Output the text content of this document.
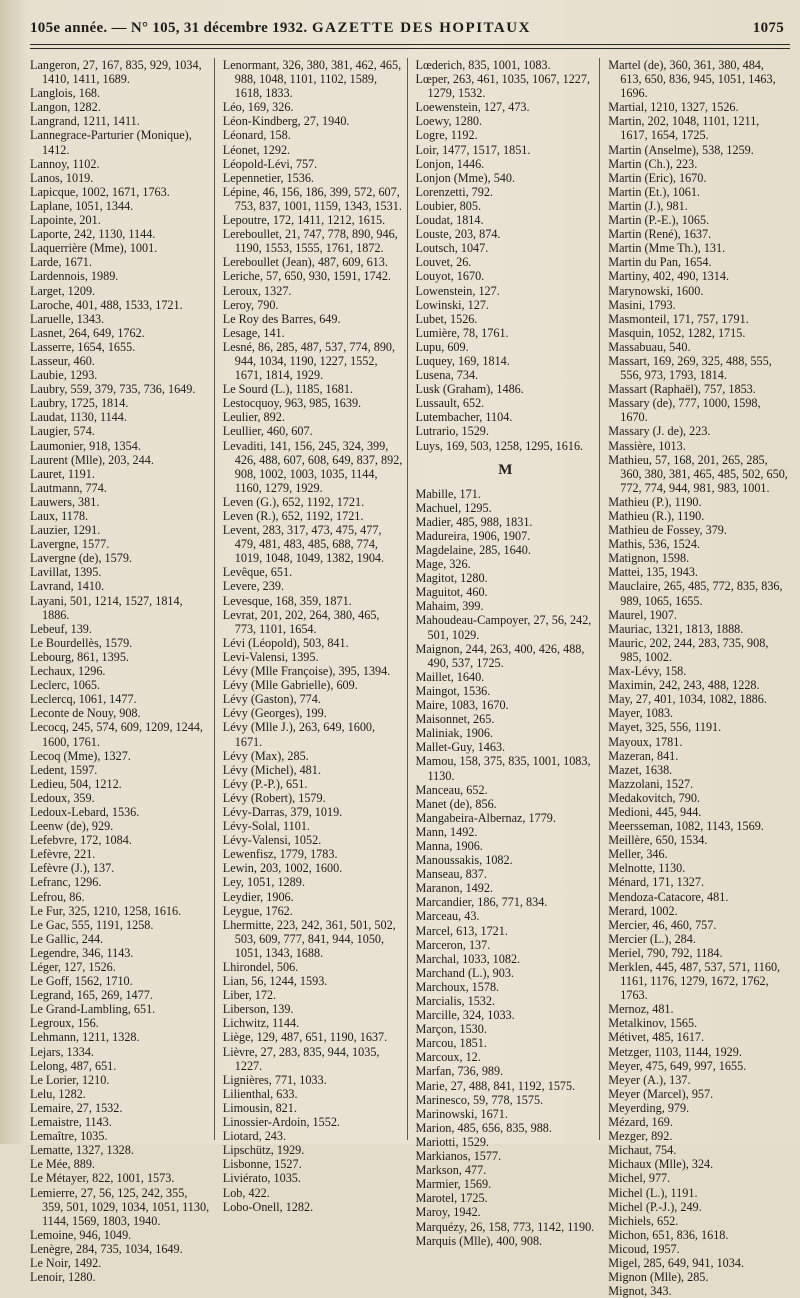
105e année. — N° 105, 31 décembre 1932. GAZETTE DES HOPITAUX	1075

Langeron, 27, 167, 835, 929, 1034, 1410, 1411, 1689.

Langlois, 168.

Langon, 1282.

Langrand, 1211, 1411.

Lannegrace-Parturier (Monique), 1412.

Lannoy, 1102.

Lanos, 1019.

Lapicque, 1002, 1671, 1763.

Laplane, 1051, 1344.

Lapointe, 201.

Laporte, 242, 1130, 1144.

Laquerrière (Mme), 1001.

Larde, 1671.

Lardennois, 1989.

Larget, 1209.

Laroche, 401, 488, 1533, 1721.

Laruelle, 1343.

Lasnet, 264, 649, 1762.

Lasserre, 1654, 1655.

Lasseur, 460.

Laubie, 1293.

Laubry, 559, 379, 735, 736, 1649.

Laubry, 1725, 1814.

Laudat, 1130, 1144.

Laugier, 574.

Laumonier, 918, 1354.

Laurent (Mlle), 203, 244.

Lauret, 1191.

Lautmann, 774.

Lauwers, 381.

Laux, 1178.

Lauzier, 1291.

Lavergne, 1577.

Lavergne (de), 1579.

Lavillat, 1395.

Lavrand, 1410.

Layani, 501, 1214, 1527, 1814, 1886.

Lebeuf, 139.

Le Bourdellès, 1579.

Lebourg, 861, 1395.

Lechaux, 1296.

Leclerc, 1065.

Leclercq, 1061, 1477.

Leconte de Nouy, 908.

Lecocq, 245, 574, 609, 1209, 1244, 1600, 1761.

Lecoq (Mme), 1327.

Ledent, 1597.

Ledieu, 504, 1212.

Ledoux, 359.

Ledoux-Lebard, 1536.

Leenw (de), 929.

Lefebvre, 172, 1084.

Lefèvre, 221.

Lefèvre (J.), 137.

Lefranc, 1296.

Lefrou, 86.

Le Fur, 325, 1210, 1258, 1616.

Le Gac, 555, 1191, 1258.

Le Gallic, 244.

Legendre, 346, 1143.

Léger, 127, 1526.

Le Goff, 1562, 1710.

Legrand, 165, 269, 1477.

Le Grand-Lambling, 651.

Legroux, 156.

Lehmann, 1211, 1328.

Lejars, 1334.

Lelong, 487, 651.

Le Lorier, 1210.

Lelu, 1282.

Lemaire, 27, 1532.

Lemaistre, 1143.

Lemaître, 1035.

Lematte, 1327, 1328.

Le Mée, 889.

Le Métayer, 822, 1001, 1573.

Lemierre, 27, 56, 125, 242, 355, 359, 501, 1029, 1034, 1051, 1130, 1144, 1569, 1803, 1940.

Lemoine, 946, 1049.

Lenègre, 284, 735, 1034, 1649.

Le Noir, 1492.

Lenoir, 1280.

Lenormant, 326, 380, 381, 462, 465, 988, 1048, 1101, 1102, 1589, 1618, 1833.

Léo, 169, 326.

Léon-Kindberg, 27, 1940.

Léonard, 158.

Léonet, 1292.

Léopold-Lévi, 757.

Lepennetier, 1536.

Lépine, 46, 156, 186, 399, 572, 607, 753, 837, 1001, 1159, 1343, 1531.

Lepoutre, 172, 1411, 1212, 1615.

Lereboullet, 21, 747, 778, 890, 946, 1190, 1553, 1555, 1761, 1872.

Lereboullet (Jean), 487, 609, 613.

Leriche, 57, 650, 930, 1591, 1742.

Leroux, 1327.

Leroy, 790.

Le Roy des Barres, 649.

Lesage, 141.

Lesné, 86, 285, 487, 537, 774, 890, 944, 1034, 1190, 1227, 1552, 1671, 1814, 1929.

Le Sourd (L.), 1185, 1681.

Lestocquoy, 963, 985, 1639.

Leulier, 892.

Leullier, 460, 607.

Levaditi, 141, 156, 245, 324, 399, 426, 488, 607, 608, 649, 837, 892, 908, 1002, 1003, 1035, 1144, 1160, 1279, 1929.

Leven (G.), 652, 1192, 1721.

Leven (R.), 652, 1192, 1721.

Levent, 283, 317, 473, 475, 477, 479, 481, 483, 485, 688, 774, 1019, 1048, 1049, 1382, 1904.

Levêque, 651.

Levere, 239.

Levesque, 168, 359, 1871.

Levrat, 201, 202, 264, 380, 465, 773, 1101, 1654.

Lévi (Léopold), 503, 841.

Levi-Valensi, 1395.

Lévy (Mlle Françoise), 395, 1394.

Lévy (Mlle Gabrielle), 609.

Lévy (Gaston), 774.

Lévy (Georges), 199.

Lévy (Mlle J.), 263, 649, 1600, 1671.

Lévy (Max), 285.

Lévy (Michel), 481.

Lévy (P.-P.), 651.

Lévy (Robert), 1579.

Lévy-Darras, 379, 1019.

Lévy-Solal, 1101.

Lévy-Valensi, 1052.

Lewenfisz, 1779, 1783.

Lewin, 203, 1002, 1600.

Ley, 1051, 1289.

Leydier, 1906.

Leygue, 1762.

Lhermitte, 223, 242, 361, 501, 502, 503, 609, 777, 841, 944, 1050, 1051, 1343, 1688.

Lhirondel, 506.

Lian, 56, 1244, 1593.

Liber, 172.

Liberson, 139.

Lichwitz, 1144.

Liège, 129, 487, 651, 1190, 1637.

Lièvre, 27, 283, 835, 944, 1035, 1227.

Lignières, 771, 1033.

Lilienthal, 633.

Limousin, 821.

Linossier-Ardoin, 1552.

Liotard, 243.

Lipschütz, 1929.

Lisbonne, 1527.

Liviérato, 1035.

Lob, 422.

Lobo-Onell, 1282.

Lœderich, 835, 1001, 1083.

Lœper, 263, 461, 1035, 1067, 1227, 1279, 1532.

Loewenstein, 127, 473.

Loewy, 1280.

Logre, 1192.

Loir, 1477, 1517, 1851.

Lonjon, 1446.

Lonjon (Mme), 540.

Lorenzetti, 792.

Loubier, 805.

Loudat, 1814.

Louste, 203, 874.

Loutsch, 1047.

Louvet, 26.

Louyot, 1670.

Lowenstein, 127.

Lowinski, 127.

Lubet, 1526.

Lumière, 78, 1761.

Lupu, 609.

Luquey, 169, 1814.

Lusena, 734.

Lusk (Graham), 1486.

Lussault, 652.

Lutembacher, 1104.

Lutrario, 1529.

Luys, 169, 503, 1258, 1295, 1616.

M

Mabille, 171.

Machuel, 1295.

Madier, 485, 988, 1831.

Madureira, 1906, 1907.

Magdelaine, 285, 1640.

Mage, 326.

Magitot, 1280.

Maguitot, 460.

Mahaim, 399.

Mahoudeau-Campoyer, 27, 56, 242, 501, 1029.

Maignon, 244, 263, 400, 426, 488, 490, 537, 1725.

Maillet, 1640.

Maingot, 1536.

Maire, 1083, 1670.

Maisonnet, 265.

Maliniak, 1906.

Mallet-Guy, 1463.

Mamou, 158, 375, 835, 1001, 1083, 1130.

Manceau, 652.

Manet (de), 856.

Mangabeira-Albernaz, 1779.

Mann, 1492.

Manna, 1906.

Manoussakis, 1082.

Manseau, 837.

Maranon, 1492.

Marcandier, 186, 771, 834.

Marceau, 43.

Marcel, 613, 1721.

Marceron, 137.

Marchal, 1033, 1082.

Marchand (L.), 903.

Marchoux, 1578.

Marcialis, 1532.

Marcille, 324, 1033.

Marçon, 1530.

Marcou, 1851.

Marcoux, 12.

Marfan, 736, 989.

Marie, 27, 488, 841, 1192, 1575.

Marinesco, 59, 778, 1575.

Marinowski, 1671.

Marion, 485, 656, 835, 988.

Mariotti, 1529.

Markianos, 1577.

Markson, 477.

Marmier, 1569.

Marotel, 1725.

Maroy, 1942.

Marquézy, 26, 158, 773, 1142, 1190.

Marquis (Mlle), 400, 908.

Martel (de), 360, 361, 380, 484, 613, 650, 836, 945, 1051, 1463, 1696.

Martial, 1210, 1327, 1526.

Martin, 202, 1048, 1101, 1211, 1617, 1654, 1725.

Martin (Anselme), 538, 1259.

Martin (Ch.), 223.

Martin (Eric), 1670.

Martin (Et.), 1061.

Martin (J.), 981.

Martin (P.-E.), 1065.

Martin (René), 1637.

Martin (Mme Th.), 131.

Martin du Pan, 1654.

Martiny, 402, 490, 1314.

Marynowski, 1600.

Masini, 1793.

Masmonteil, 171, 757, 1791.

Masquin, 1052, 1282, 1715.

Massabuau, 540.

Massart, 169, 269, 325, 488, 555, 556, 973, 1793, 1814.

Massart (Raphaël), 757, 1853.

Massary (de), 777, 1000, 1598, 1670.

Massary (J. de), 223.

Massière, 1013.

Mathieu, 57, 168, 201, 265, 285, 360, 380, 381, 465, 485, 502, 650, 772, 774, 944, 981, 983, 1001.

Mathieu (P.), 1190.

Mathieu (R.), 1190.

Mathieu de Fossey, 379.

Mathis, 536, 1524.

Matignon, 1598.

Mattei, 135, 1943.

Mauclaire, 265, 485, 772, 835, 836, 989, 1065, 1655.

Maurel, 1907.

Mauriac, 1321, 1813, 1888.

Mauric, 202, 244, 283, 735, 908, 985, 1002.

Max-Lévy, 158.

Maximin, 242, 243, 488, 1228.

May, 27, 401, 1034, 1082, 1886.

Mayer, 1083.

Mayet, 325, 556, 1191.

Mayoux, 1781.

Mazeran, 841.

Mazet, 1638.

Mazzolani, 1527.

Medakovitch, 790.

Medioni, 445, 944.

Meersseman, 1082, 1143, 1569.

Meillère, 650, 1534.

Meller, 346.

Melnotte, 1130.

Ménard, 171, 1327.

Mendoza-Catacore, 481.

Merard, 1002.

Mercier, 46, 460, 757.

Mercier (L.), 284.

Meriel, 790, 792, 1184.

Merklen, 445, 487, 537, 571, 1160, 1161, 1176, 1279, 1672, 1762, 1763.

Mernoz, 481.

Metalkinov, 1565.

Métivet, 485, 1617.

Metzger, 1103, 1144, 1929.

Meyer, 475, 649, 997, 1655.

Meyer (A.), 137.

Meyer (Marcel), 957.

Meyerding, 979.

Mézard, 169.

Mezger, 892.

Michaut, 754.

Michaux (Mlle), 324.

Michel, 977.

Michel (L.), 1191.

Michel (P.-J.), 249.

Michiels, 652.

Michon, 651, 836, 1618.

Micoud, 1957.

Migel, 285, 649, 941, 1034.

Mignon (Mlle), 285.

Mignot, 343.
